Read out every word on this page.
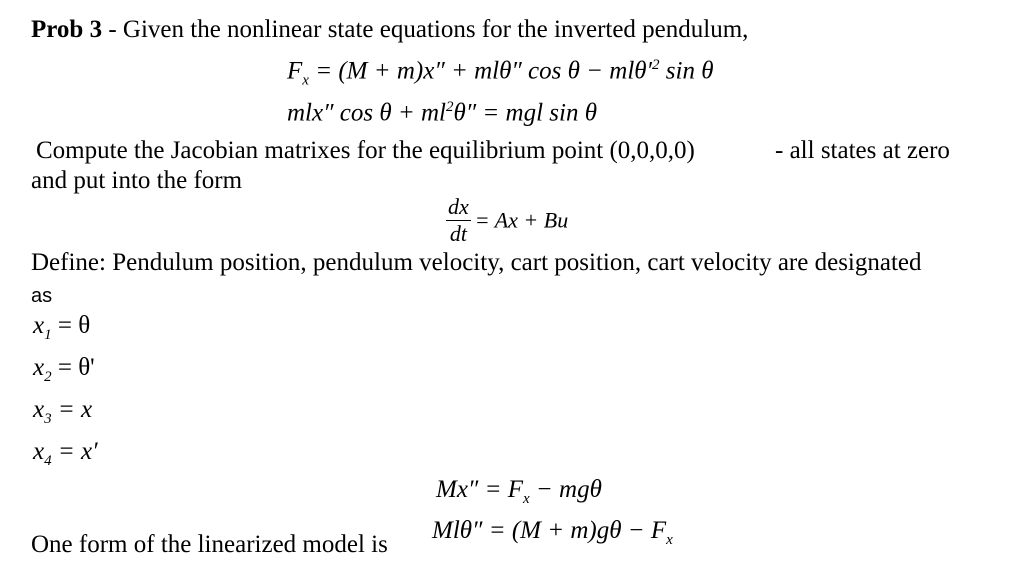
Prob 3 - Given the nonlinear state equations for the inverted pendulum,
$F_x = (M + m)x'' + ml\theta''$ $\cos \theta - ml\theta'^2$ sin θ
mlx″ $\cos \theta + ml^2\theta''$ = mgl sin θ
Compute the Jacobian matrixes for the equilibrium point (0,0,0,0)	- all states at zero
and put into the form
$\frac{dx}{dt} = Ax + Bu$
Define: Pendulum position, pendulum velocity, cart position, cart velocity are designated
as
$x_1 = \theta$
$x_2 = \theta'$
$x_3 = x$
$x_4 = x'$
$Mx'' = F_x - mg\theta$
One form of the linearized model is
$Ml\theta'' = (M + m)g\theta - F_x$
